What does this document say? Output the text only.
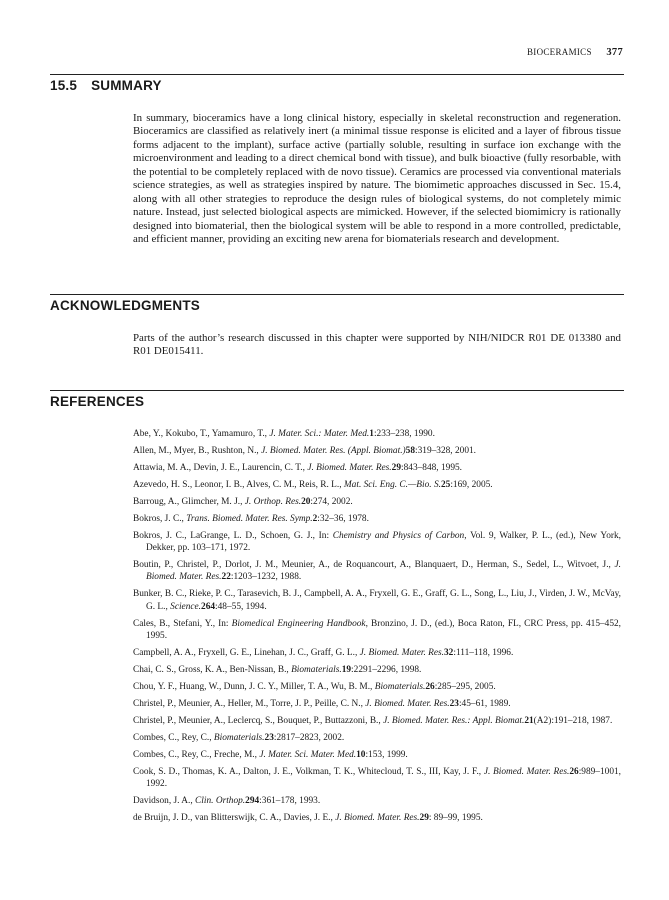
BIOCERAMICS 377
15.5 SUMMARY

In summary, bioceramics have a long clinical history, especially in skeletal reconstruction and regeneration. Bioceramics are classified as relatively inert (a minimal tissue response is elicited and a layer of fibrous tissue forms adjacent to the implant), surface active (partially soluble, resulting in surface ion exchange with the microenvironment and leading to a direct chemical bond with tissue), and bulk bioactive (fully resorbable, with the potential to be completely replaced with de novo tissue). Ceramics are processed via conventional materials science strategies, as well as strategies inspired by nature. The biomimetic approaches discussed in Sec. 15.4, along with all other strategies to reproduce the design rules of biological systems, do not completely mimic nature. Instead, just selected biological aspects are mimicked. However, if the selected biomimicry is rationally designed into biomaterial, then the biological system will be able to respond in a more controlled, predictable, and efficient manner, providing an exciting new arena for biomaterials research and development.

ACKNOWLEDGMENTS

Parts of the author’s research discussed in this chapter were supported by NIH/NIDCR R01 DE 013380 and R01 DE015411.

REFERENCES
Abe, Y., Kokubo, T., Yamamuro, T., J. Mater. Sci.: Mater. Med.1:233–238, 1990.
Allen, M., Myer, B., Rushton, N., J. Biomed. Mater. Res. (Appl. Biomat.)58:319–328, 2001.
Attawia, M. A., Devin, J. E., Laurencin, C. T., J. Biomed. Mater. Res.29:843–848, 1995.
Azevedo, H. S., Leonor, I. B., Alves, C. M., Reis, R. L., Mat. Sci. Eng. C.—Bio. S.25:169, 2005.
Barroug, A., Glimcher, M. J., J. Orthop. Res.20:274, 2002.
Bokros, J. C., Trans. Biomed. Mater. Res. Symp.2:32–36, 1978.
Bokros, J. C., LaGrange, L. D., Schoen, G. J., In: Chemistry and Physics of Carbon, Vol. 9, Walker, P. L., (ed.), New York, Dekker, pp. 103–171, 1972.
Boutin, P., Christel, P., Dorlot, J. M., Meunier, A., de Roquancourt, A., Blanquaert, D., Herman, S., Sedel, L., Witvoet, J., J. Biomed. Mater. Res.22:1203–1232, 1988.
Bunker, B. C., Rieke, P. C., Tarasevich, B. J., Campbell, A. A., Fryxell, G. E., Graff, G. L., Song, L., Liu, J., Virden, J. W., McVay, G. L., Science.264:48–55, 1994.
Cales, B., Stefani, Y., In: Biomedical Engineering Handbook, Bronzino, J. D., (ed.), Boca Raton, FL, CRC Press, pp. 415–452, 1995.
Campbell, A. A., Fryxell, G. E., Linehan, J. C., Graff, G. L., J. Biomed. Mater. Res.32:111–118, 1996.
Chai, C. S., Gross, K. A., Ben-Nissan, B., Biomaterials.19:2291–2296, 1998.
Chou, Y. F., Huang, W., Dunn, J. C. Y., Miller, T. A., Wu, B. M., Biomaterials.26:285–295, 2005.
Christel, P., Meunier, A., Heller, M., Torre, J. P., Peille, C. N., J. Biomed. Mater. Res.23:45–61, 1989.
Christel, P., Meunier, A., Leclercq, S., Bouquet, P., Buttazzoni, B., J. Biomed. Mater. Res.: Appl. Biomat.21(A2):191–218, 1987.
Combes, C., Rey, C., Biomaterials.23:2817–2823, 2002.
Combes, C., Rey, C., Freche, M., J. Mater. Sci. Mater. Med.10:153, 1999.
Cook, S. D., Thomas, K. A., Dalton, J. E., Volkman, T. K., Whitecloud, T. S., III, Kay, J. F., J. Biomed. Mater. Res.26:989–1001, 1992.
Davidson, J. A., Clin. Orthop.294:361–178, 1993.
de Bruijn, J. D., van Blitterswijk, C. A., Davies, J. E., J. Biomed. Mater. Res.29: 89–99, 1995.
